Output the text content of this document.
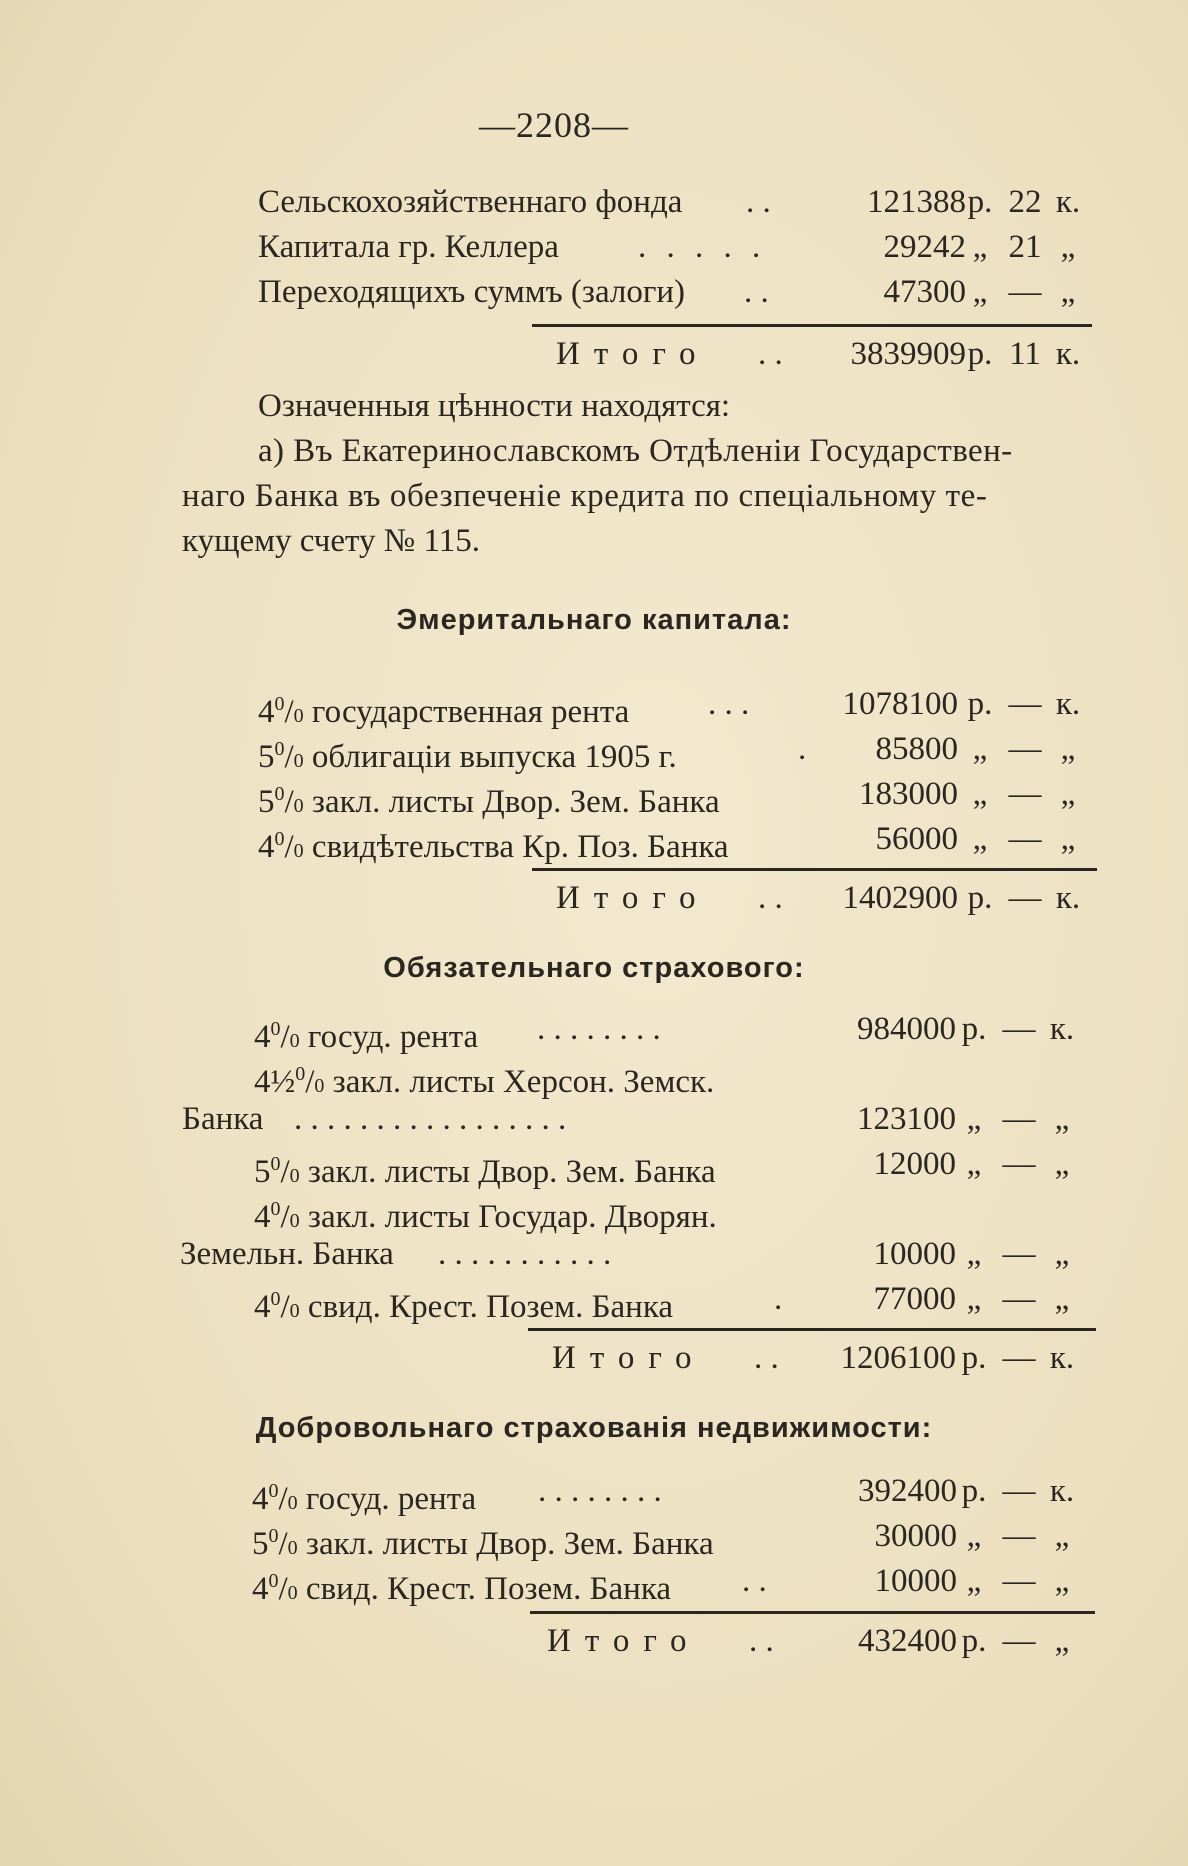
—2208—
Сельскохозяйственнаго фонда . .	121388 р. 22 к.
Капитала гр. Келлера . . . . .	29242 „ 21 „
Переходящихъ суммъ (залоги) . .	47300 „ — „
Итого . .	3839909 р. 11 к.
Означенныя цѣнности находятся:
а) Въ Екатеринославскомъ Отдѣленіи Государствен-
наго Банка въ обезпеченіе кредита по спеціальному те-
кущему счету № 115.
Эмеритальнаго капитала:
$4^0/0$ государственная рента . . .	1078100 р. — к.
$5^0/0$ облигаціи выпуска 1905 г.	.	85800 „ — „
$5^0/0$ закл. листы Двор. Зем. Банка	183000 „ — „
$4^0/0$ свидѣтельства Кр. Поз. Банка	56000 „ — „
Итого . .	1402900 р. — к.
Обязательнаго страхового:
$4^0/0$ госуд. рента . . . . . . . .	984000 р. — к.
4½$^0$/0 закл. листы Херсон. Земск.
Банка . . . . . . . . . . . . . . . . .	123100 „ — „
$5^0/0$ закл. листы Двор. Зем. Банка	12000 „ — „
$4^0/0$ закл. листы Государ. Дворян.
Земельн. Банка . . . . . . . . . . .	10000 „ — „
$4^0/0$ свид. Крест. Позем. Банка	.	77000 „ — „
Итого . .	1206100 р. — к.
Добровольнаго страхованія недвижимости:
$4^0/0$ госуд. рента . . . . . . . .	392400 р. — к.
$5^0/0$ закл. листы Двор. Зем. Банка	30000 „ — „
$4^0/0$ свид. Крест. Позем. Банка . .	10000 „ — „
Итого . .	432400 р. — „
